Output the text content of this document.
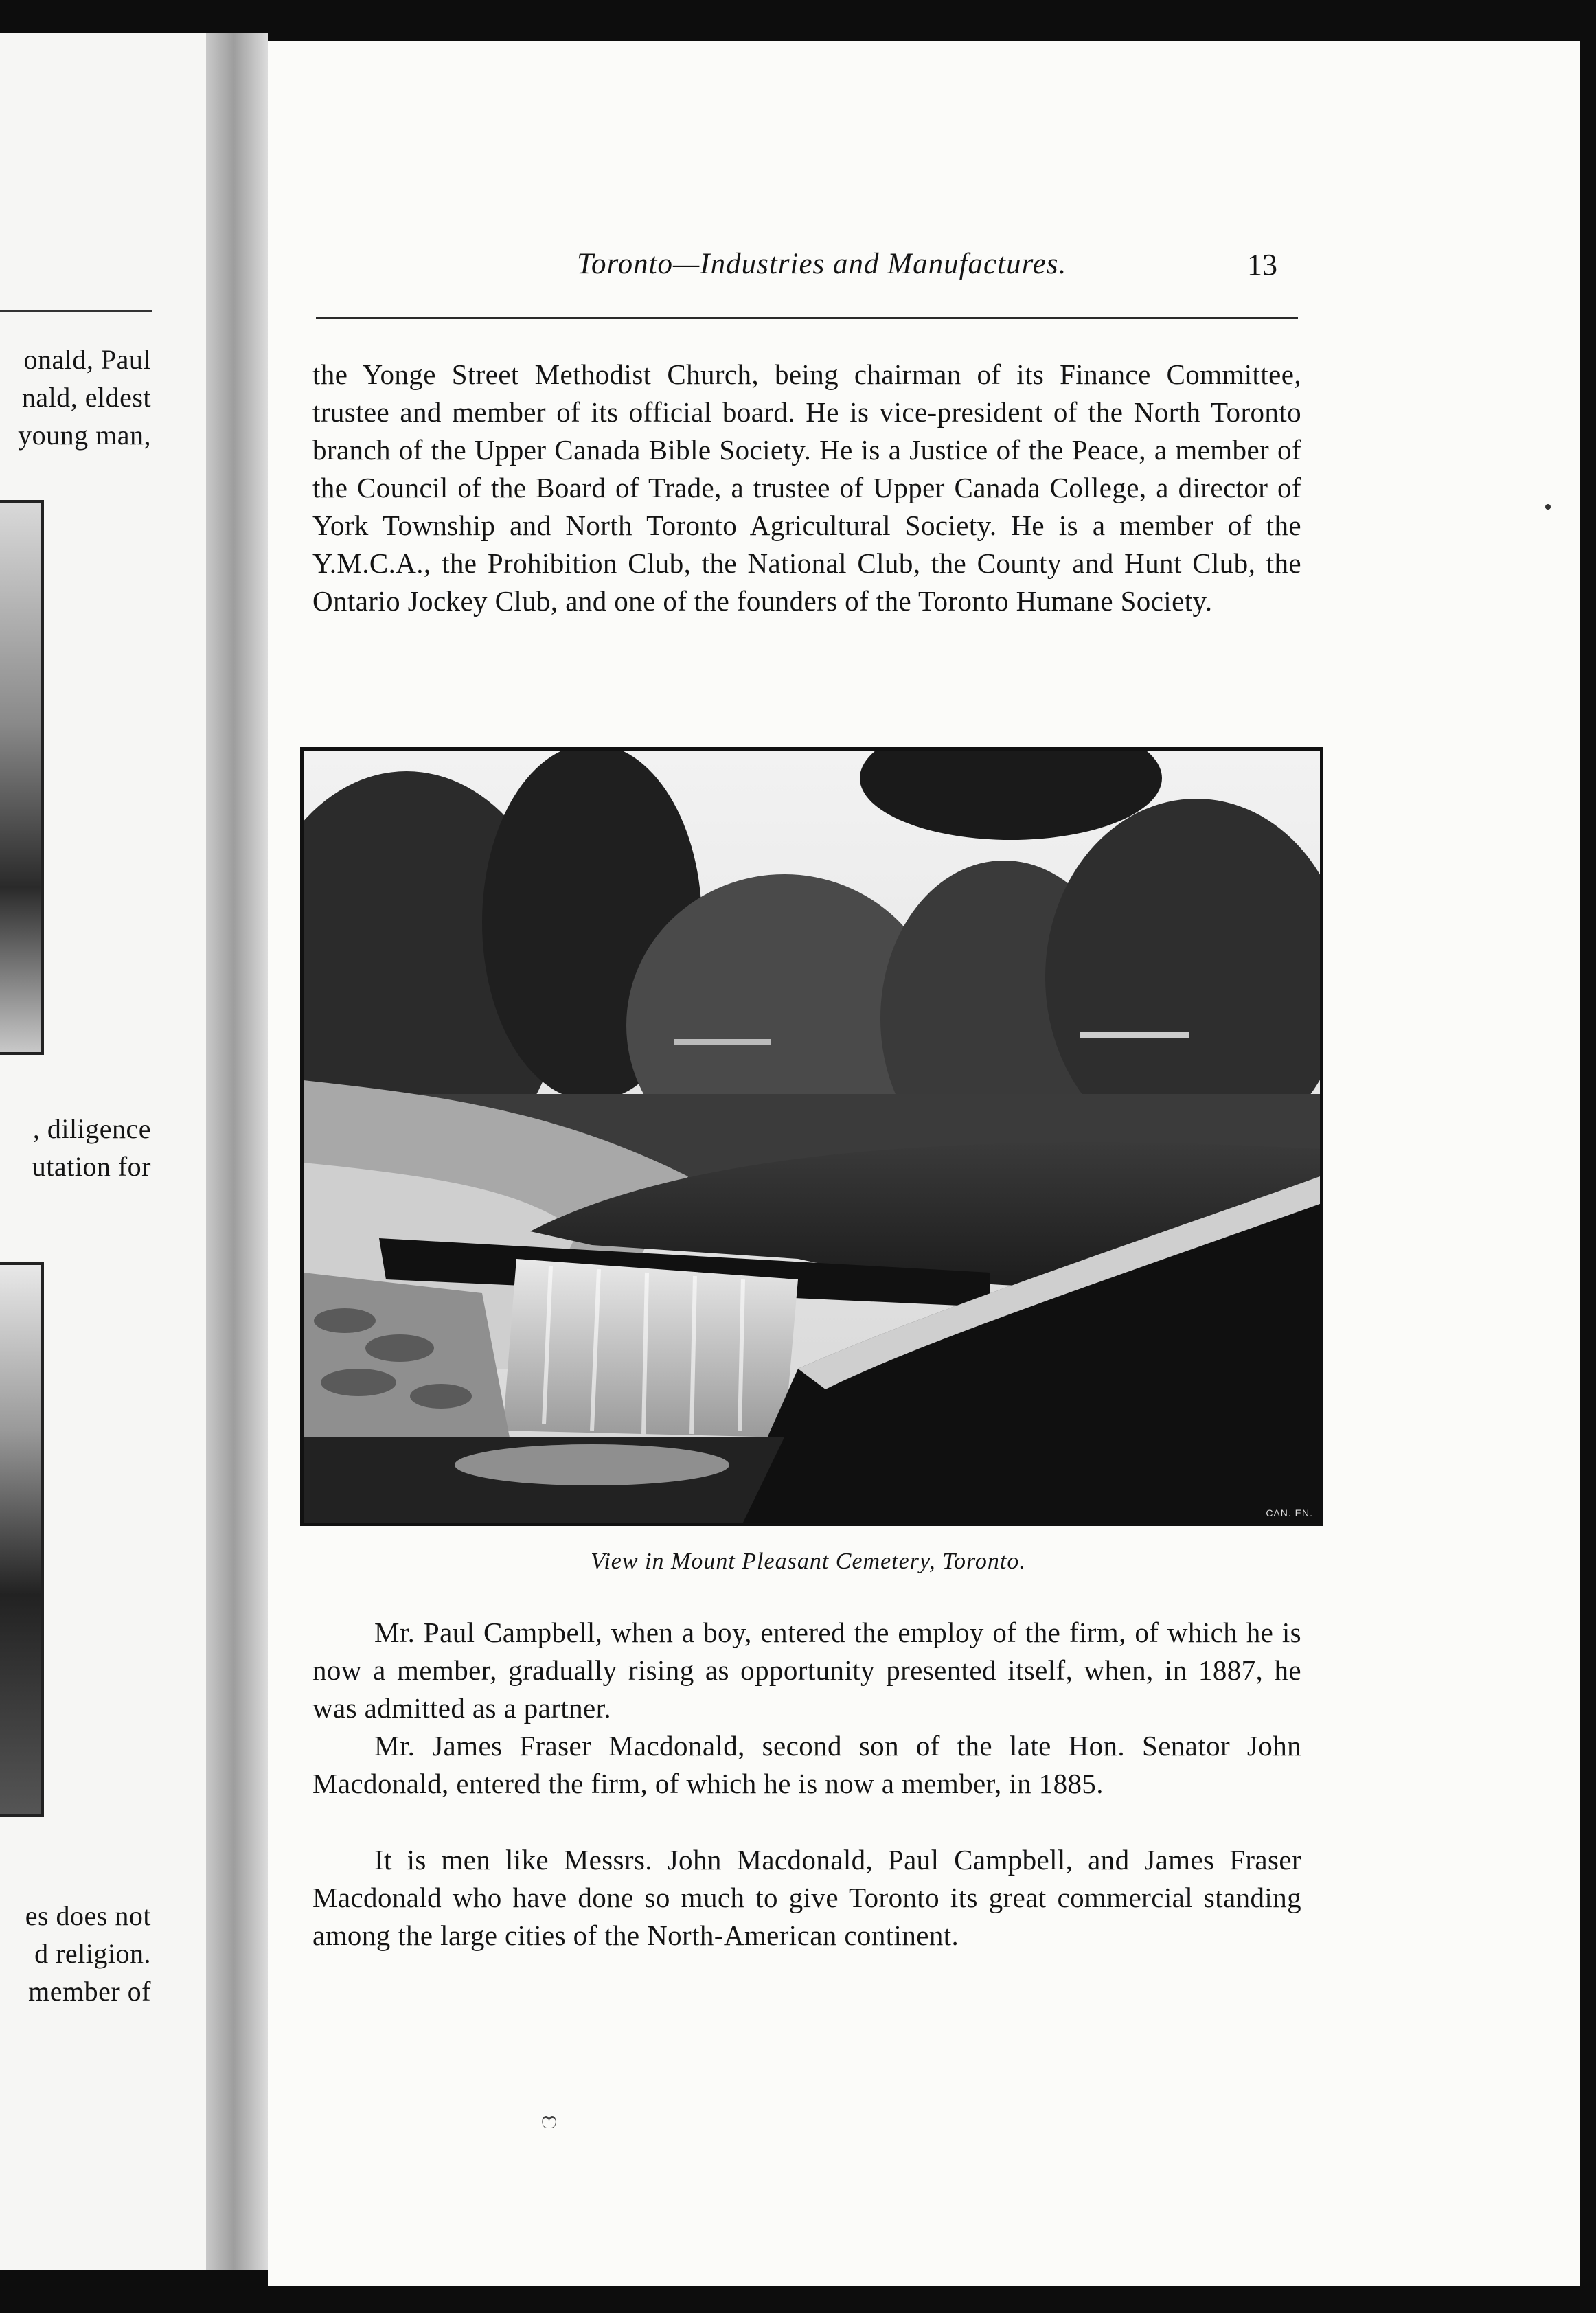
onald, Paul
nald, eldest
young man,
, diligence
utation for
es does not
d religion.
member of
Toronto—Industries and Manufactures.	13
the Yonge Street Methodist Church, being chairman of its Finance Committee, trustee and member of its official board. He is vice-president of the North Toronto branch of the Upper Canada Bible Society. He is a Justice of the Peace, a member of the Council of the Board of Trade, a trustee of Upper Canada College, a director of York Township and North Toronto Agricultural Society. He is a member of the Y.M.C.A., the Prohibition Club, the National Club, the County and Hunt Club, the Ontario Jockey Club, and one of the founders of the Toronto Humane Society.
CAN. EN.
View in Mount Pleasant Cemetery, Toronto.
Mr. Paul Campbell, when a boy, entered the employ of the firm, of which he is now a member, gradually rising as opportunity presented itself, when, in 1887, he was admitted as a partner.
Mr. James Fraser Macdonald, second son of the late Hon. Senator John Macdonald, entered the firm, of which he is now a member, in 1885.
It is men like Messrs. John Macdonald, Paul Campbell, and James Fraser Macdonald who have done so much to give Toronto its great commercial standing among the large cities of the North-American continent.
ෆ
